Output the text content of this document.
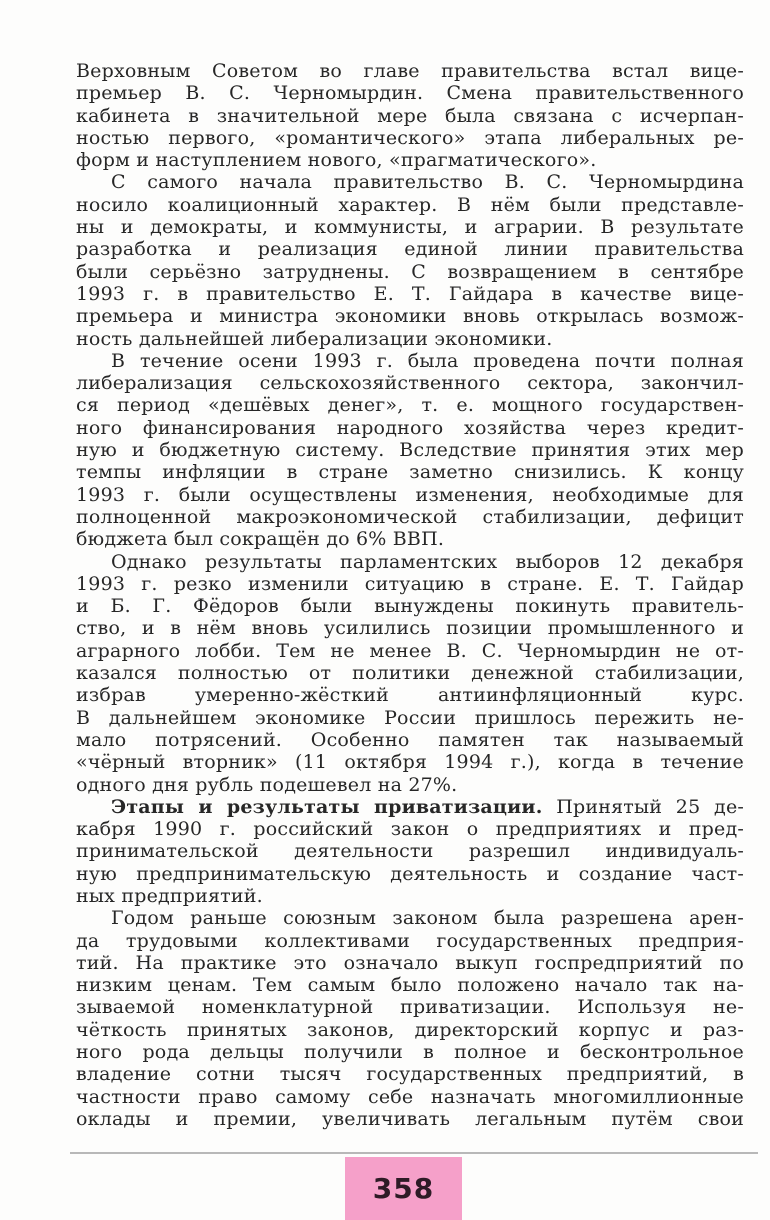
Верховным Советом во главе правительства встал вице-
премьер В. С. Черномырдин. Смена правительственного
кабинета в значительной мере была связана с исчерпан-
ностью первого, «романтического» этапа либеральных ре-
форм и наступлением нового, «прагматического».
С самого начала правительство В. С. Черномырдина
носило коалиционный характер. В нём были представле-
ны и демократы, и коммунисты, и аграрии. В результате
разработка и реализация единой линии правительства
были серьёзно затруднены. С возвращением в сентябре
1993 г. в правительство Е. Т. Гайдара в качестве вице-
премьера и министра экономики вновь открылась возмож-
ность дальнейшей либерализации экономики.
В течение осени 1993 г. была проведена почти полная
либерализация сельскохозяйственного сектора, закончил-
ся период «дешёвых денег», т. е. мощного государствен-
ного финансирования народного хозяйства через кредит-
ную и бюджетную систему. Вследствие принятия этих мер
темпы инфляции в стране заметно снизились. К концу
1993 г. были осуществлены изменения, необходимые для
полноценной макроэкономической стабилизации, дефицит
бюджета был сокращён до 6% ВВП.
Однако результаты парламентских выборов 12 декабря
1993 г. резко изменили ситуацию в стране. Е. Т. Гайдар
и Б. Г. Фёдоров были вынуждены покинуть правитель-
ство, и в нём вновь усилились позиции промышленного и
аграрного лобби. Тем не менее В. С. Черномырдин не от-
казался полностью от политики денежной стабилизации,
избрав умеренно-жёсткий антиинфляционный курс.
В дальнейшем экономике России пришлось пережить не-
мало потрясений. Особенно памятен так называемый
«чёрный вторник» (11 октября 1994 г.), когда в течение
одного дня рубль подешевел на 27%.
Этапы и результаты приватизации. Принятый 25 де-
кабря 1990 г. российский закон о предприятиях и пред-
принимательской деятельности разрешил индивидуаль-
ную предпринимательскую деятельность и создание част-
ных предприятий.
Годом раньше союзным законом была разрешена арен-
да трудовыми коллективами государственных предприя-
тий. На практике это означало выкуп госпредприятий по
низким ценам. Тем самым было положено начало так на-
зываемой номенклатурной приватизации. Используя не-
чёткость принятых законов, директорский корпус и раз-
ного рода дельцы получили в полное и бесконтрольное
владение сотни тысяч государственных предприятий, в
частности право самому себе назначать многомиллионные
оклады и премии, увеличивать легальным путём свои
358
